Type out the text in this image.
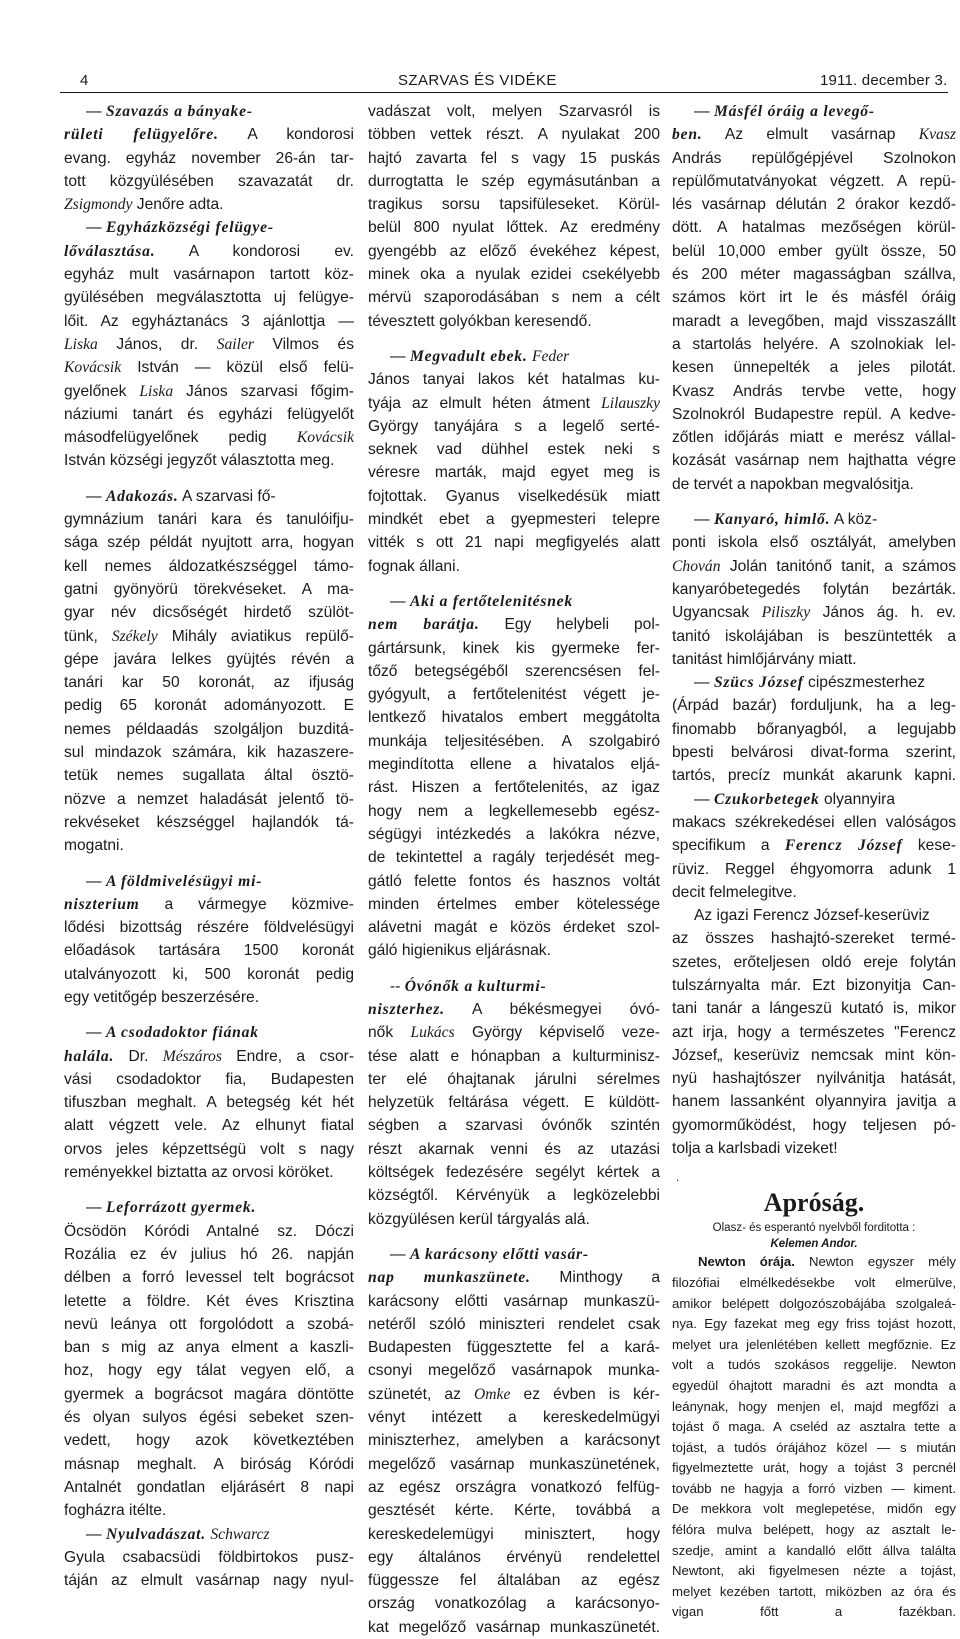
4	SZARVAS ÉS VIDÉKE	1911. december 3.
— Szavazás a bányake-
rületi felügyelőre. A kondorosi
evang. egyház november 26-án tar-
tott közgyülésében szavazatát dr.
Zsigmondy Jenőre adta.
— Egyházközségi felügye-
lőválasztása. A kondorosi ev.
egyház mult vasárnapon tartott köz-
gyülésében megválasztotta uj felügye-
lőit. Az egyháztanács 3 ajánlottja —
Liska János, dr. Sailer Vilmos és
Kovácsik István — közül első felü-
gyelőnek Liska János szarvasi főgim-
náziumi tanárt és egyházi felügyelőt
másodfelügyelőnek pedig Kovácsik
István községi jegyzőt választotta meg.
— Adakozás. A szarvasi fő-
gymnázium tanári kara és tanulóifju-
sága szép példát nyujtott arra, hogyan
kell nemes áldozatkészséggel támo-
gatni gyönyörü törekvéseket. A ma-
gyar név dicsőségét hirdető szülöt-
tünk, Székely Mihály aviatikus repülő-
gépe javára lelkes gyüjtés révén a
tanári kar 50 koronát, az ifjuság
pedig 65 koronát adományozott. E
nemes példaadás szolgáljon buzditá-
sul mindazok számára, kik hazaszere-
tetük nemes sugallata által ösztö-
nözve a nemzet haladását jelentő tö-
rekvéseket készséggel hajlandók tá-
mogatni.
— A földmivelésügyi mi-
niszterium a vármegye közmive-
lődési bizottság részére földvelésügyi
előadások tartására 1500 koronát
utalványozott ki, 500 koronát pedig
egy vetitőgép beszerzésére.
— A csodadoktor fiának
halála. Dr. Mészáros Endre, a csor-
vási csodadoktor fia, Budapesten
tifuszban meghalt. A betegség két hét
alatt végzett vele. Az elhunyt fiatal
orvos jeles képzettségü volt s nagy
reményekkel biztatta az orvosi köröket.
— Leforrázott gyermek.
Öcsödön Kóródi Antalné sz. Dóczi
Rozália ez év julius hó 26. napján
délben a forró levessel telt bográcsot
letette a földre. Két éves Krisztina
nevü leánya ott forgolódott a szobá-
ban s mig az anya elment a kaszli-
hoz, hogy egy tálat vegyen elő, a
gyermek a bográcsot magára döntötte
és olyan sulyos égési sebeket szen-
vedett, hogy azok következtében
másnap meghalt. A biróság Kóródi
Antalnét gondatlan eljárásért 8 napi
fogházra itélte.
— Nyulvadászat. Schwarcz
Gyula csabacsüdi földbirtokos pusz-
táján az elmult vasárnap nagy nyul-
vadászat volt, melyen Szarvasról is
többen vettek részt. A nyulakat 200
hajtó zavarta fel s vagy 15 puskás
durrogtatta le szép egymásutánban a
tragikus sorsu tapsifüleseket. Körül-
belül 800 nyulat lőttek. Az eredmény
gyengébb az előző évekéhez képest,
minek oka a nyulak ezidei csekélyebb
mérvü szaporodásában s nem a célt
tévesztett golyókban keresendő.
— Megvadult ebek. Feder
János tanyai lakos két hatalmas ku-
tyája az elmult héten átment Lilauszky
György tanyájára s a legelő serté-
seknek vad dühhel estek neki s
véresre marták, majd egyet meg is
fojtottak. Gyanus viselkedésük miatt
mindkét ebet a gyepmesteri telepre
vitték s ott 21 napi megfigyelés alatt
fognak állani.
— Aki a fertőtelenitésnek
nem barátja. Egy helybeli pol-
gártársunk, kinek kis gyermeke fer-
tőző betegségéből szerencsésen fel-
gyógyult, a fertőtelenitést végett je-
lentkező hivatalos embert meggátolta
munkája teljesitésében. A szolgabiró
megindította ellene a hivatalos eljá-
rást. Hiszen a fertőtelenités, az igaz
hogy nem a legkellemesebb egész-
ségügyi intézkedés a lakókra nézve,
de tekintettel a ragály terjedését meg-
gátló felette fontos és hasznos voltát
minden értelmes ember kötelessége
alávetni magát e közös érdeket szol-
gáló higienikus eljárásnak.
-- Óvónők a kulturmi-
niszterhez. A békésmegyei óvó-
nők Lukács György képviselő veze-
tése alatt e hónapban a kulturminisz-
ter elé óhajtanak járulni sérelmes
helyzetük feltárása végett. E küldött-
ségben a szarvasi óvónők szintén
részt akarnak venni és az utazási
költségek fedezésére segélyt kértek a
községtől. Kérvényük a legközelebbi
közgyülésen kerül tárgyalás alá.
— A karácsony előtti vasár-
nap munkaszünete. Minthogy a
karácsony előtti vasárnap munkaszü-
netéről szóló miniszteri rendelet csak
Budapesten függesztette fel a kará-
csonyi megelőző vasárnapok munka-
szünetét, az Omke ez évben is kér-
vényt intézett a kereskedelmügyi
miniszterhez, amelyben a karácsonyt
megelőző vasárnap munkaszünetének,
az egész országra vonatkozó felfüg-
gesztését kérte. Kérte, továbbá a
kereskedelemügyi minisztert, hogy
egy általános érvényü rendelettel
függessze fel általában az egész
ország vonatkozólag a karácsonyo-
kat megelőző vasárnap munkaszünetét.
— Másfél óráig a levegő-
ben. Az elmult vasárnap Kvasz
András repülőgépjével Szolnokon
repülőmutatványokat végzett. A repü-
lés vasárnap délután 2 órakor kezdő-
dött. A hatalmas mezőségen körül-
belül 10,000 ember gyült össze, 50
és 200 méter magasságban szállva,
számos kört irt le és másfél óráig
maradt a levegőben, majd visszaszállt
a startolás helyére. A szolnokiak lel-
kesen ünnepelték a jeles pilotát.
Kvasz András tervbe vette, hogy
Szolnokról Budapestre repül. A kedve-
zőtlen időjárás miatt e merész vállal-
kozását vasárnap nem hajthatta végre
de tervét a napokban megvalósitja.
— Kanyaró, himlő. A köz-
ponti iskola első osztályát, amelyben
Chován Jolán tanitónő tanit, a számos
kanyaróbetegedés folytán bezárták.
Ugyancsak Piliszky János ág. h. ev.
tanitó iskolájában is beszüntették a
tanitást himlőjárvány miatt.
— Szücs József cipészmesterhez
(Árpád bazár) forduljunk, ha a leg-
finomabb bőranyagból, a legujabb
bpesti belvárosi divat-forma szerint,
tartós, precíz munkát akarunk kapni.
— Czukorbetegek olyannyira
makacs székrekedései ellen valóságos
specifikum a Ferencz József kese-
rüviz. Reggel éhgyomorra adunk 1
decit felmelegitve.
Az igazi Ferencz József-keserüviz
az összes hashajtó-szereket termé-
szetes, erőteljesen oldó ereje folytán
tulszárnyalta már. Ezt bizonyitja Can-
tani tanár a lángeszü kutató is, mikor
azt irja, hogy a természetes "Ferencz
József„ keserüviz nemcsak mint kön-
nyü hashajtószer nyilvánitja hatását,
hanem lassanként olyannyira javitja a
gyomorműködést, hogy teljesen pó-
tolja a karlsbadi vizeket!
.
Apróság.
Olasz- és esperantó nyelvből forditotta :
Kelemen Andor.
Newton órája. Newton egyszer mély
filozófiai elmélkedésekbe volt elmerülve,
amikor belépett dolgozószobájába szolgaleá-
nya. Egy fazekat meg egy friss tojást hozott,
melyet ura jelenlétében kellett megfőznie. Ez
volt a tudós szokásos reggelije. Newton
egyedül óhajtott maradni és azt mondta a
leánynak, hogy menjen el, majd megfőzi a
tojást ő maga. A cseléd az asztalra tette a
tojást, a tudós órájához közel — s miután
figyelmeztette urát, hogy a tojást 3 percnél
tovább ne hagyja a forró vizben — kiment.
De mekkora volt meglepetése, midőn egy
félóra mulva belépett, hogy az asztalt le-
szedje, amint a kandalló előtt állva találta
Newtont, aki figyelmesen nézte a tojást,
melyet kezében tartott, miközben az óra és
vigan főtt a fazékban.
